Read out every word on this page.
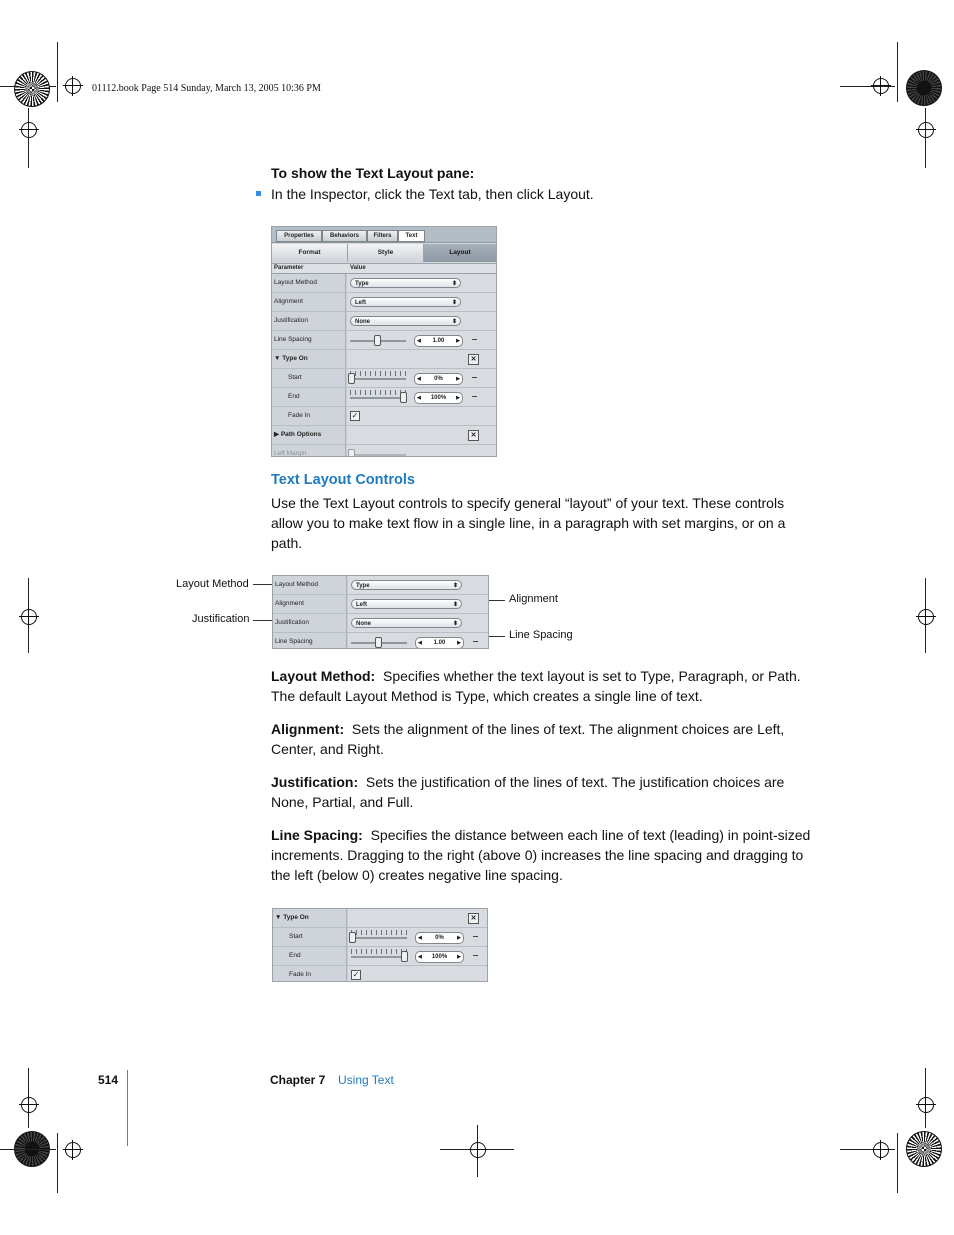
01112.book Page 514 Sunday, March 13, 2005 10:36 PM
To show the Text Layout pane:
In the Inspector, click the Text tab, then click Layout.
Properties	Behaviors	Filters	Text
Format	Style	Layout
Parameter	Value
Layout Method	Type	⬍
Alignment	Left	⬍
Justification	None	⬍
Line Spacing	◀ 1.00 ▶
▼ Type On	✕
Start	◀ 0%	▶
End	◀ 100% ▶
Fade In	✓
▶ Path Options	✕
Left Margin
Text Layout Controls
Use the Text Layout controls to specify general “layout” of your text. These controls allow you to make text flow in a single line, in a paragraph with set margins, or on a path.
Layout Method
Justification
Alignment
Line Spacing
Layout Method	Type	⬍
Alignment	Left	⬍
Justification	None	⬍
Line Spacing	◀ 1.00 ▶
Layout Method: Specifies whether the text layout is set to Type, Paragraph, or Path. The default Layout Method is Type, which creates a single line of text.
Alignment: Sets the alignment of the lines of text. The alignment choices are Left, Center, and Right.
Justification: Sets the justification of the lines of text. The justification choices are None, Partial, and Full.
Line Spacing: Specifies the distance between each line of text (leading) in point-sized increments. Dragging to the right (above 0) increases the line spacing and dragging to the left (below 0) creates negative line spacing.
▼ Type On	✕
Start	◀ 0%	▶
End	◀ 100% ▶
Fade In	✓
514	Chapter 7 Using Text
